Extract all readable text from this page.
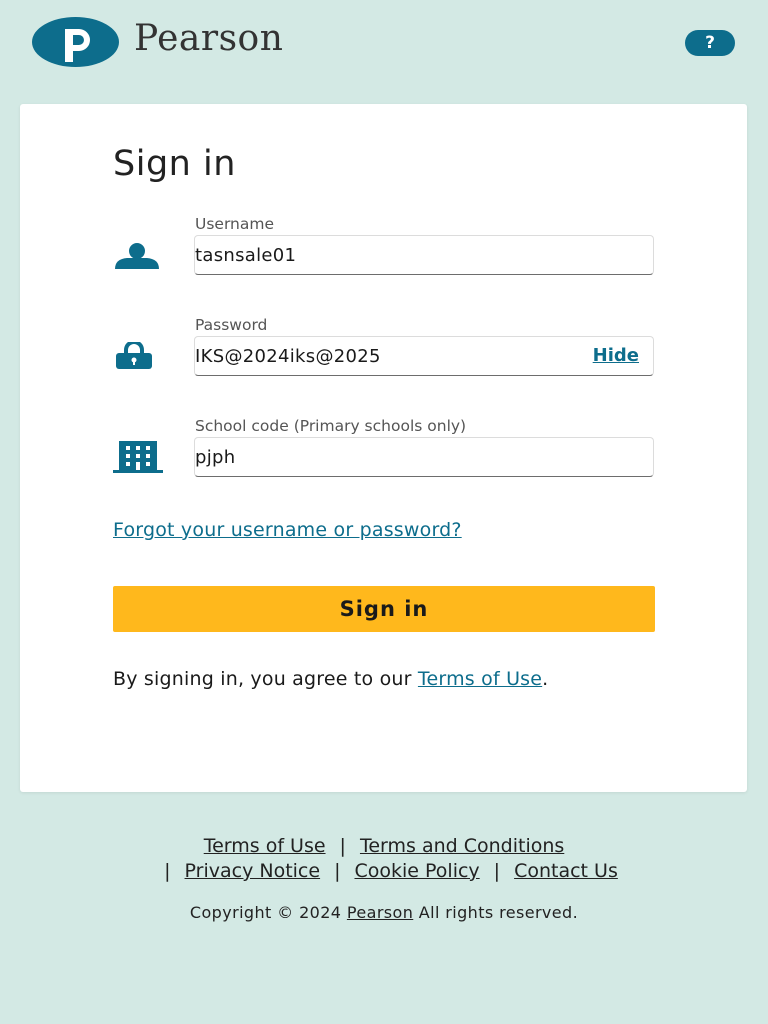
Pearson	?
Sign in
Username
tasnsale01
Password
IKS@2024iks@2025	Hide
School code (Primary schools only)
pjph
Forgot your username or password?
Sign in
By signing in, you agree to our Terms of Use.
Terms of Use | Terms and Conditions
| Privacy Notice | Cookie Policy | Contact Us
Copyright © 2024 Pearson All rights reserved.
